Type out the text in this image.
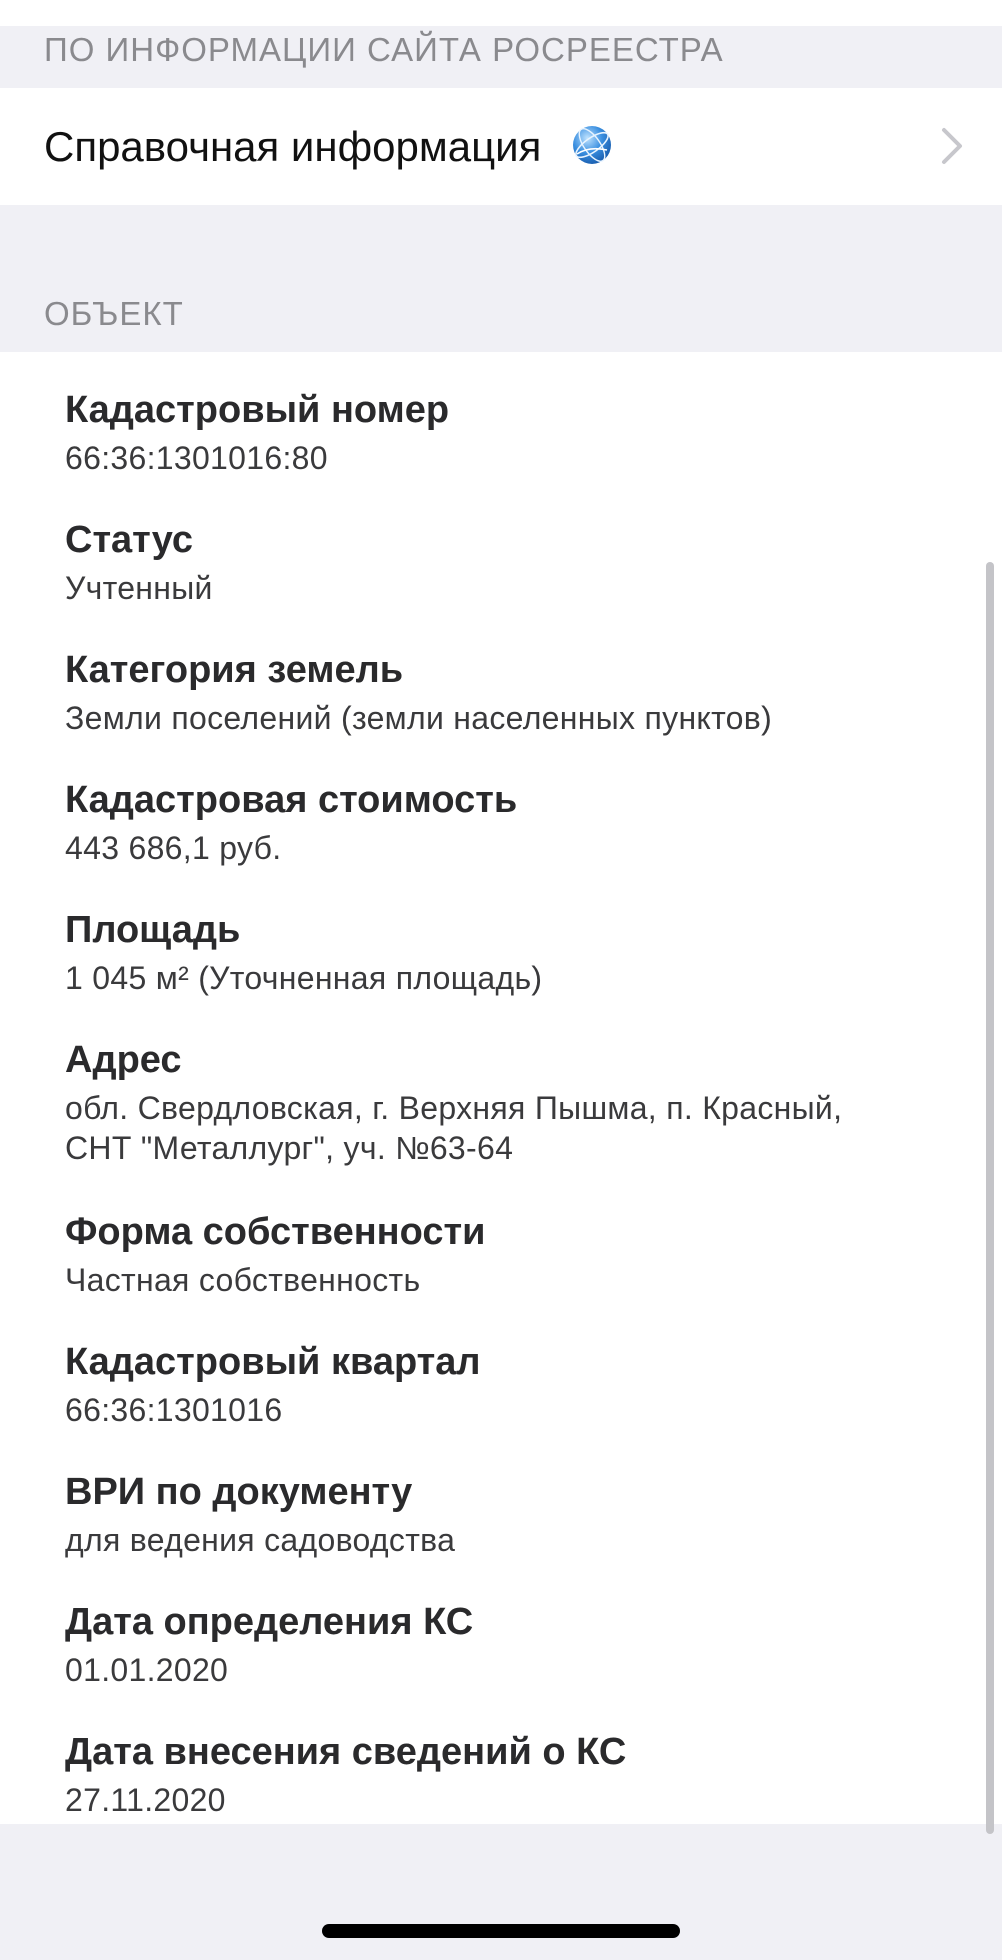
ПО ИНФОРМАЦИИ САЙТА РОСРЕЕСТРА
Справочная информация
ОБЪЕКТ
Кадастровый номер
66:36:1301016:80
Статус
Учтенный
Категория земель
Земли поселений (земли населенных пунктов)
Кадастровая стоимость
443 686,1 руб.
Площадь
1 045 м² (Уточненная площадь)
Адрес
обл. Свердловская, г. Верхняя Пышма, п. Красный,
СНТ "Металлург", уч. №63-64
Форма собственности
Частная собственность
Кадастровый квартал
66:36:1301016
ВРИ по документу
для ведения садоводства
Дата определения КС
01.01.2020
Дата внесения сведений о КС
27.11.2020
